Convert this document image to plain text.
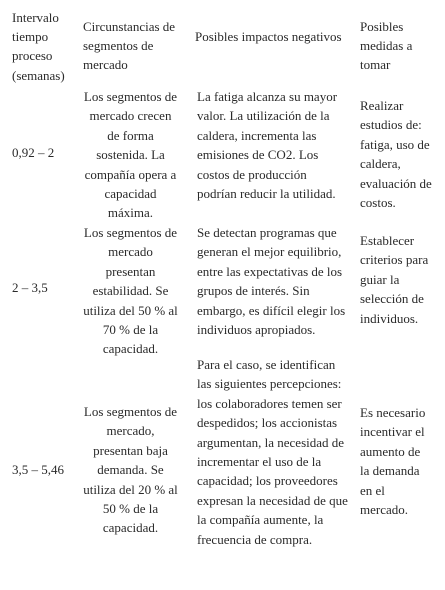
Intervalo tiempo proceso (semanas)

Circunstancias de segmentos de mercado

Posibles impactos negativos

Posibles medidas a tomar

0,92 – 2

Los segmentos de mercado crecen de forma sostenida. La compañía opera a capacidad máxima.

La fatiga alcanza su mayor valor. La utilización de la caldera, incrementa las emisiones de CO2. Los costos de producción podrían reducir la utilidad.

Realizar estudios de: fatiga, uso de caldera, evaluación de costos.

2 – 3,5

Los segmentos de mercado presentan estabilidad. Se utiliza del 50 % al 70 % de la capacidad.

Se detectan programas que generan el mejor equilibrio, entre las expectativas de los grupos de interés. Sin embargo, es difícil elegir los individuos apropiados.

Establecer criterios para guiar la selección de individuos.

3,5 – 5,46

Los segmentos de mercado, presentan baja demanda. Se utiliza del 20 % al 50 % de la capacidad.

Para el caso, se identifican las siguientes percepciones: los colaboradores temen ser despedidos; los accionistas argumentan, la necesidad de incrementar el uso de la capacidad; los proveedores expresan la necesidad de que la compañía aumente, la frecuencia de compra.

Es necesario incentivar el aumento de la demanda en el mercado.
